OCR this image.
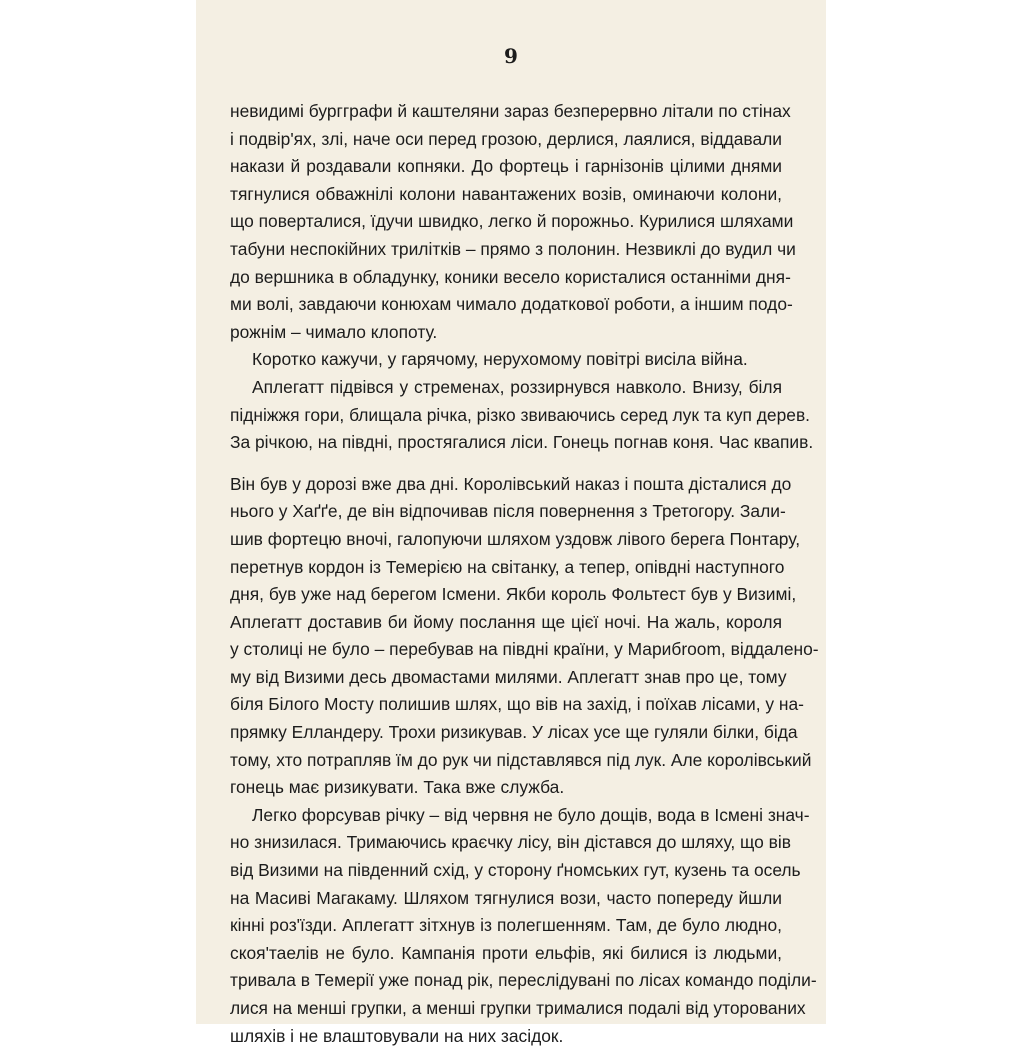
9
невидимі бургграфи й каштеляни зараз безперервно літали по стінах
і подвір'ях, злі, наче оси перед грозою, дерлися, лаялися, віддавали
накази й роздавали копняки. До фортець і гарнізонів цілими днями
тягнулися обважнілі колони навантажених возів, оминаючи колони,
що поверталися, їдучи швидко, легко й порожньо. Курилися шляхами
табуни неспокійних трилітків – прямо з полонин. Незвиклі до вудил чи
до вершника в обладунку, коники весело користалися останніми дня-
ми волі, завдаючи конюхам чимало додаткової роботи, а іншим подо-
рожнім – чимало клопоту.
Коротко кажучи, у гарячому, нерухомому повітрі висіла війна.
Аплегатт підвівся у стременах, роззирнувся навколо. Внизу, біля
підніжжя гори, блищала річка, різко звиваючись серед лук та куп дерев.
За річкою, на півдні, простягалися ліси. Гонець погнав коня. Час квапив.
Він був у дорозі вже два дні. Королівський наказ і пошта дісталися до
нього у Хаґґе, де він відпочивав після повернення з Третогору. Зали-
шив фортецю вночі, галопуючи шляхом уздовж лівого берега Понтару,
перетнув кордон із Темерією на світанку, а тепер, опівдні наступного
дня, був уже над берегом Ісмени. Якби король Фольтест був у Визимі,
Аплегатт доставив би йому послання ще цієї ночі. На жаль, короля
у столиці не було – перебував на півдні країни, у Марибroom, віддалено-
му від Визими десь двомастами милями. Аплегатт знав про це, тому
біля Білого Мосту полишив шлях, що вів на захід, і поїхав лісами, у на-
прямку Елландеру. Трохи ризикував. У лісах усе ще гуляли білки, біда
тому, хто потрапляв їм до рук чи підставлявся під лук. Але королівський
гонець має ризикувати. Така вже служба.
Легко форсував річку – від червня не було дощів, вода в Ісмені знач-
но знизилася. Тримаючись краєчку лісу, він дістався до шляху, що вів
від Визими на південний схід, у сторону ґномських гут, кузень та осель
на Масиві Магакаму. Шляхом тягнулися вози, часто попереду йшли
кінні роз'їзди. Аплегатт зітхнув із полегшенням. Там, де було людно,
скоя'таелів не було. Кампанія проти ельфів, які билися із людьми,
тривала в Темерії уже понад рік, переслідувані по лісах командо поділи-
лися на менші групки, а менші групки трималися подалі від уторованих
шляхів і не влаштовували на них засідок.
